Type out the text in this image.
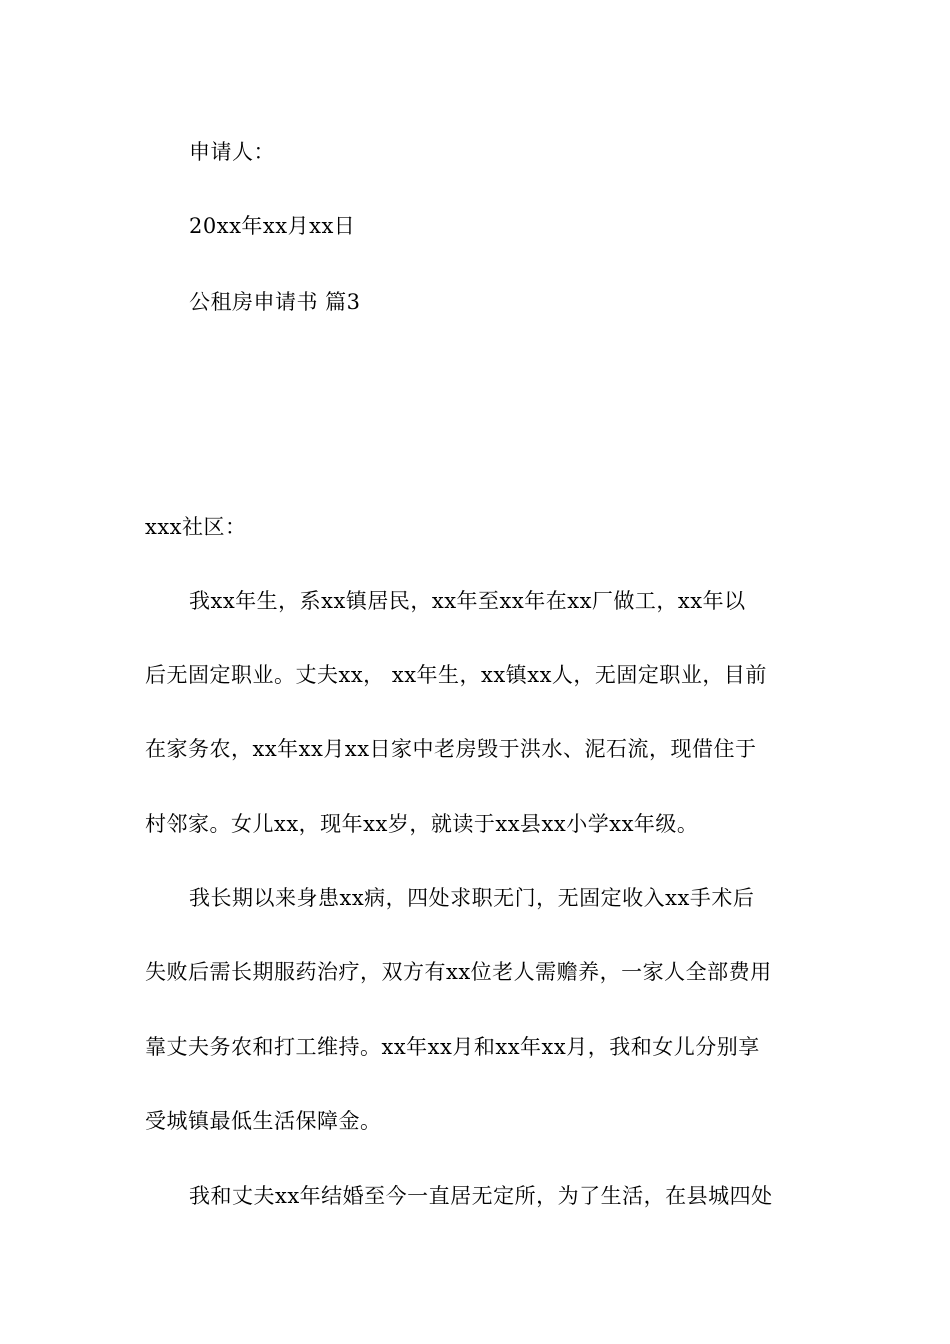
申请人：
20xx年xx月xx日
公租房申请书 篇3
xxx社区：
我xx年生，系xx镇居民，xx年至xx年在xx厂做工，xx年以
后无固定职业。丈夫xx， xx年生，xx镇xx人，无固定职业，目前
在家务农，xx年xx月xx日家中老房毁于洪水、泥石流，现借住于
村邻家。女儿xx，现年xx岁，就读于xx县xx小学xx年级。
我长期以来身患xx病，四处求职无门，无固定收入xx手术后
失败后需长期服药治疗，双方有xx位老人需赡养，一家人全部费用
靠丈夫务农和打工维持。xx年xx月和xx年xx月，我和女儿分别享
受城镇最低生活保障金。
我和丈夫xx年结婚至今一直居无定所，为了生活，在县城四处
